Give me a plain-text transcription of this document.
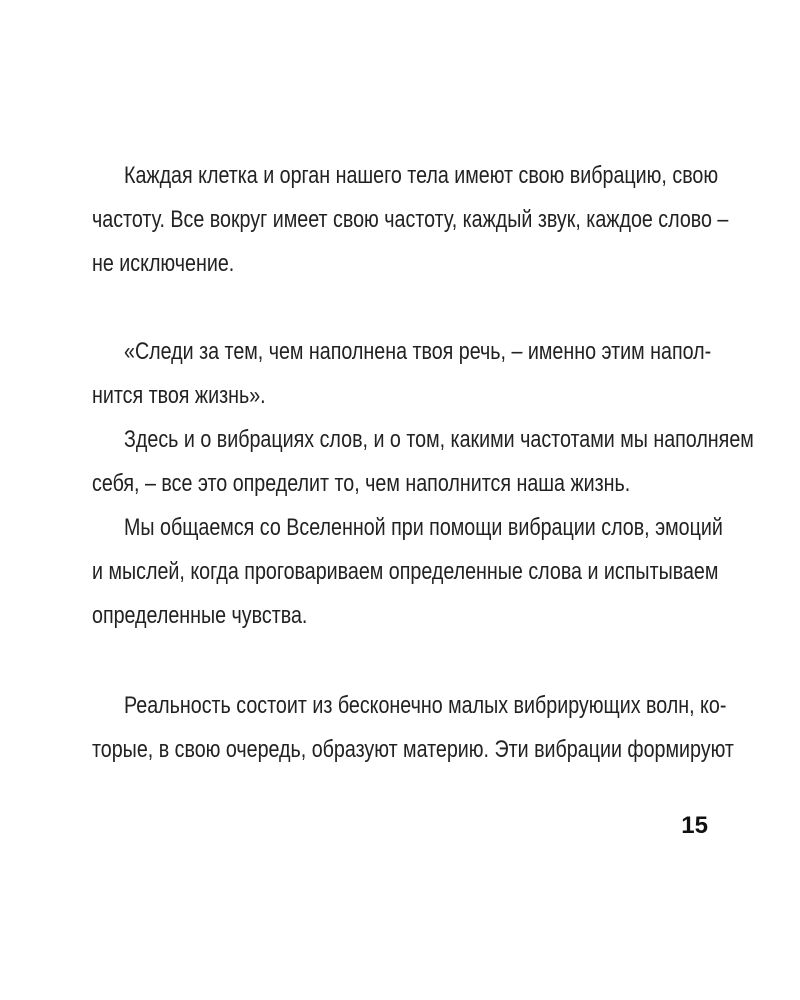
Каждая клетка и орган нашего тела имеют свою вибрацию, свою
частоту. Все вокруг имеет свою частоту, каждый звук, каждое слово –
не исключение.
«Следи за тем, чем наполнена твоя речь, – именно этим напол-
нится твоя жизнь».
Здесь и о вибрациях слов, и о том, какими частотами мы наполняем
себя, – все это определит то, чем наполнится наша жизнь.
Мы общаемся со Вселенной при помощи вибрации слов, эмоций
и мыслей, когда проговариваем определенные слова и испытываем
определенные чувства.
Реальность состоит из бесконечно малых вибрирующих волн, ко-
торые, в свою очередь, образуют материю. Эти вибрации формируют
15
